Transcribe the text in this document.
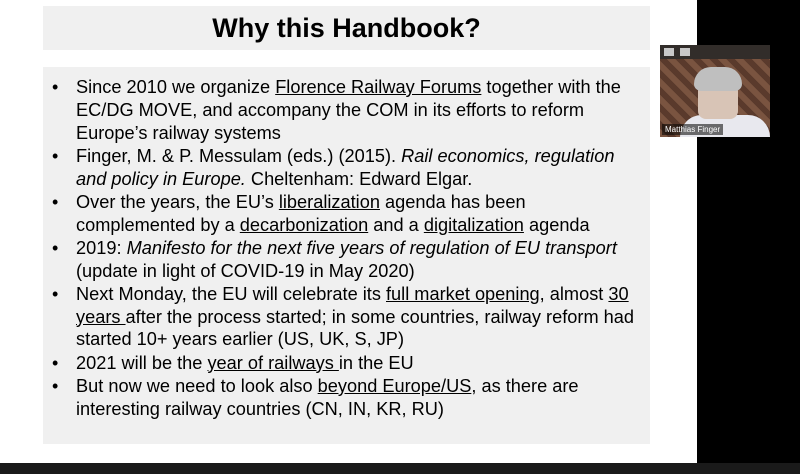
Why this Handbook?
• Since 2010 we organize Florence Railway Forums together with the EC/DG MOVE, and accompany the COM in its efforts to reform Europe’s railway systems
• Finger, M. & P. Messulam (eds.) (2015). Rail economics, regulation and policy in Europe. Cheltenham: Edward Elgar.
• Over the years, the EU’s liberalization agenda has been complemented by a decarbonization and a digitalization agenda
• 2019: Manifesto for the next five years of regulation of EU transport (update in light of COVID-19 in May 2020)
• Next Monday, the EU will celebrate its full market opening, almost 30 years after the process started; in some countries, railway reform had started 10+ years earlier (US, UK, S, JP)
• 2021 will be the year of railways in the EU
• But now we need to look also beyond Europe/US, as there are interesting railway countries (CN, IN, KR, RU)
Matthias Finger
